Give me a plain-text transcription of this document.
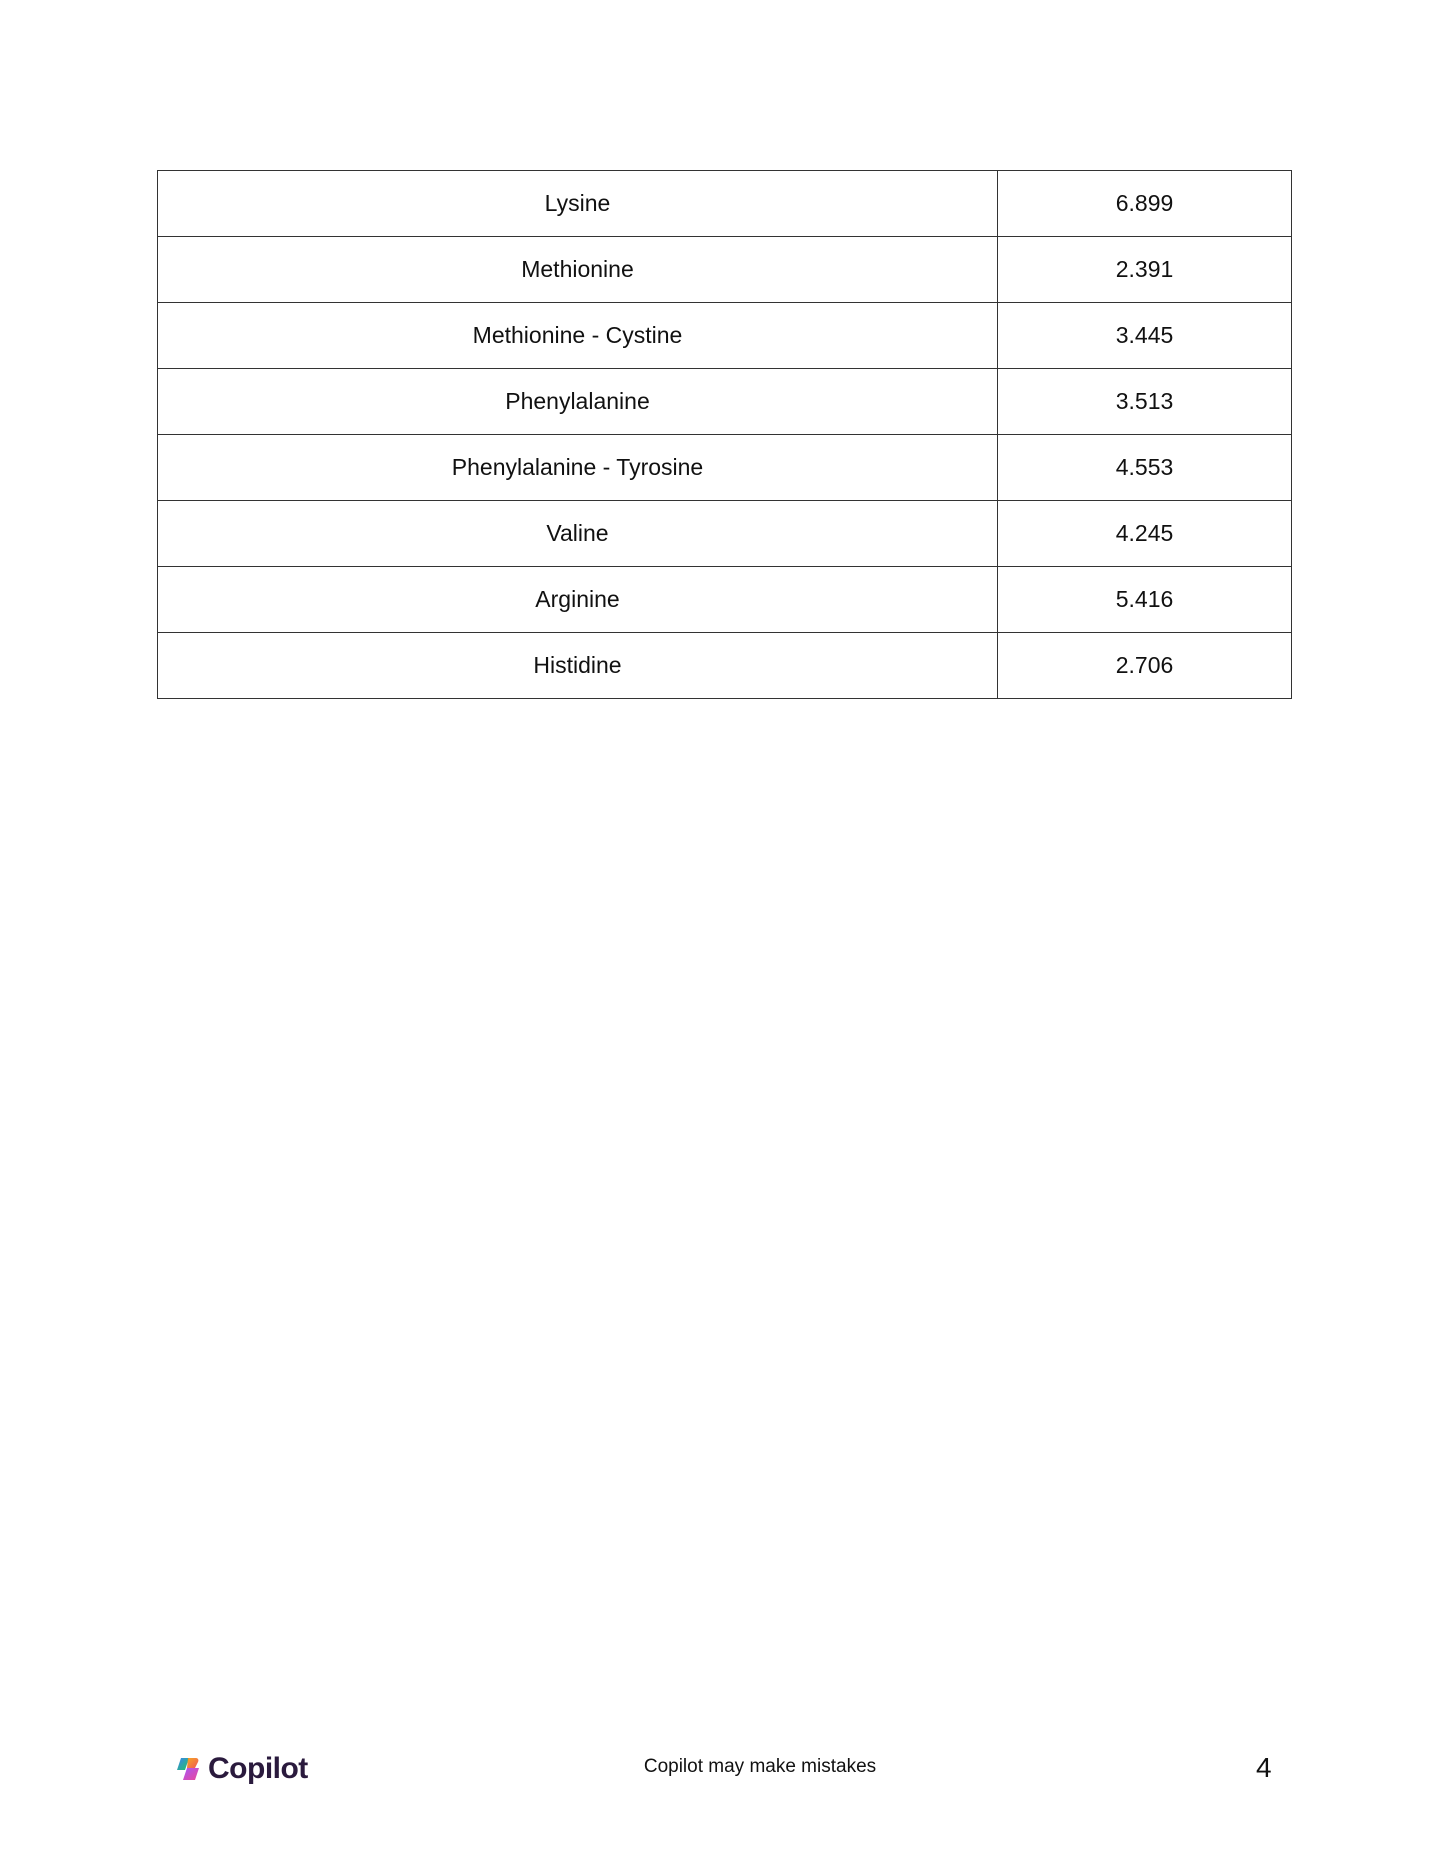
Lysine	6.899
Methionine	2.391
Methionine - Cystine	3.445
Phenylalanine	3.513
Phenylalanine - Tyrosine	4.553
Valine	4.245
Arginine	5.416
Histidine	2.706
Copilot	Copilot may make mistakes	4
